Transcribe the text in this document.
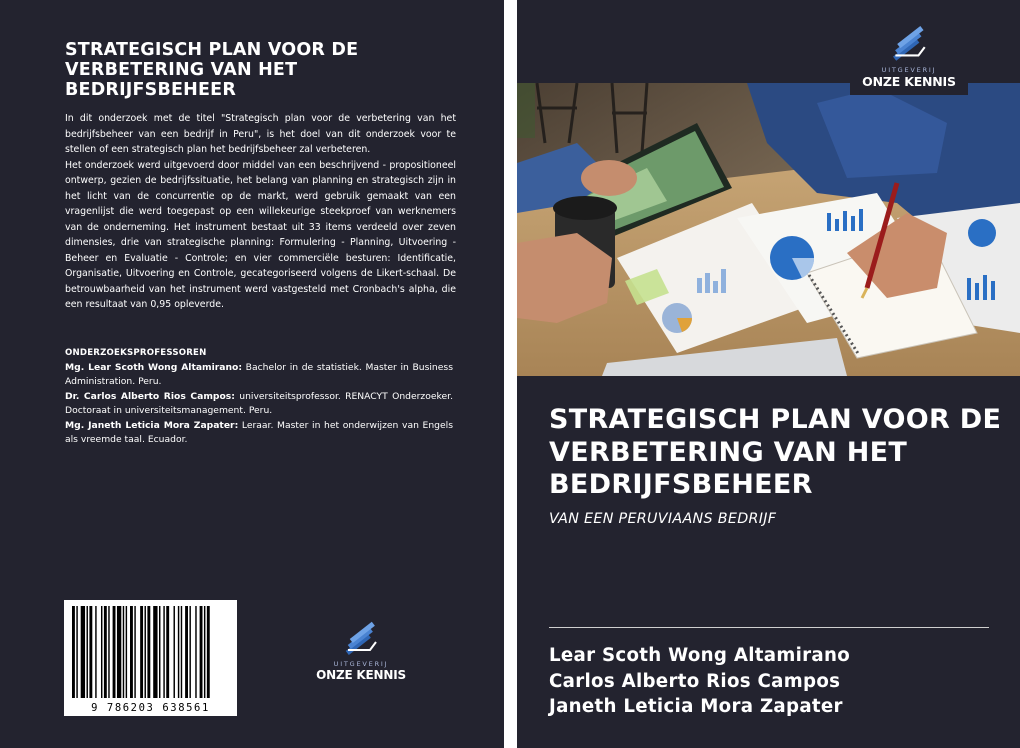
STRATEGISCH PLAN VOOR DE VERBETERING VAN HET BEDRIJFSBEHEER

In dit onderzoek met de titel "Strategisch plan voor de verbetering van het bedrijfsbeheer van een bedrijf in Peru", is het doel van dit onderzoek voor te stellen of een strategisch plan het bedrijfsbeheer zal verbeteren.

Het onderzoek werd uitgevoerd door middel van een beschrijvend - propositioneel ontwerp, gezien de bedrijfssituatie, het belang van planning en strategisch zijn in het licht van de concurrentie op de markt, werd gebruik gemaakt van een vragenlijst die werd toegepast op een willekeurige steekproef van werknemers van de onderneming. Het instrument bestaat uit 33 items verdeeld over zeven dimensies, drie van strategische planning: Formulering - Planning, Uitvoering - Beheer en Evaluatie - Controle; en vier commerciële besturen: Identificatie, Organisatie, Uitvoering en Controle, gecategoriseerd volgens de Likert-schaal. De betrouwbaarheid van het instrument werd vastgesteld met Cronbach's alpha, die een resultaat van 0,95 opleverde.

ONDERZOEKSPROFESSOREN

Mg. Lear Scoth Wong Altamirano: Bachelor in de statistiek. Master in Business Administration. Peru.

Dr. Carlos Alberto Rios Campos: universiteitsprofessor. RENACYT Onderzoeker. Doctoraat in universiteitsmanagement. Peru.

Mg. Janeth Leticia Mora Zapater: Leraar. Master in het onderwijzen van Engels als vreemde taal. Ecuador.

9 786203 638561
UITGEVERIJ
ONZE KENNIS
UITGEVERIJ
ONZE KENNIS
STRATEGISCH PLAN VOOR DE VERBETERING VAN HET BEDRIJFSBEHEER
VAN EEN PERUVIAANS BEDRIJF
Lear Scoth Wong Altamirano
Carlos Alberto Rios Campos
Janeth Leticia Mora Zapater
